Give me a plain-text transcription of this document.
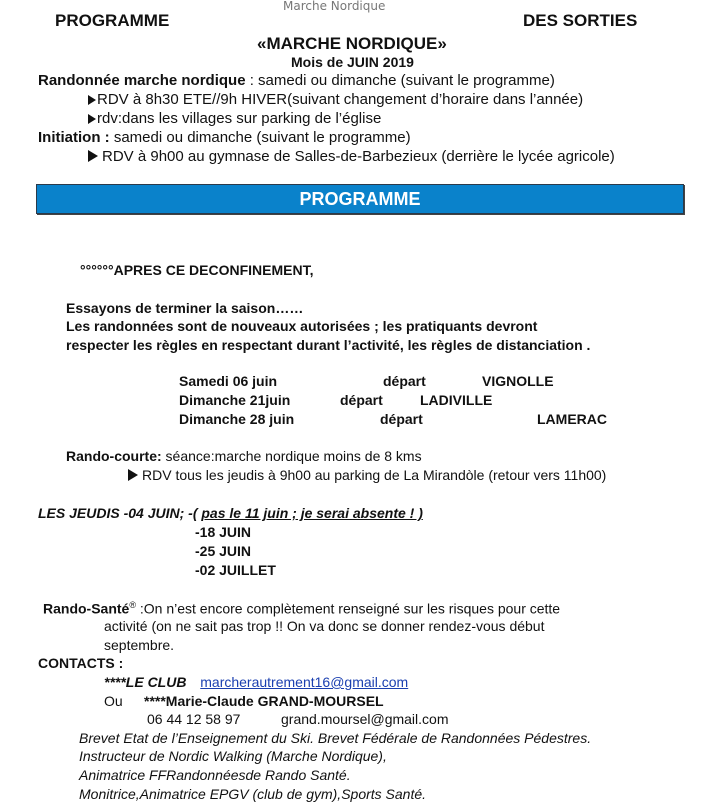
Marche Nordique
PROGRAMME	DES SORTIES
«MARCHE NORDIQUE»
Mois de JUIN 2019
Randonnée marche nordique : samedi ou dimanche (suivant le programme)
RDV à 8h30 ETE//9h HIVER(suivant changement d’horaire dans l’année)
rdv:dans les villages sur parking de l’église
Initiation : samedi ou dimanche (suivant le programme)
RDV à 9h00 au gymnase de Salles-de-Barbezieux (derrière le lycée agricole)
PROGRAMME
°°°°°°APRES CE DECONFINEMENT,
Essayons de terminer la saison……
Les randonnées sont de nouveaux autorisées ; les pratiquants devront
respecter les règles en respectant durant l’activité, les règles de distanciation .
Samedi 06 juin	départ	VIGNOLLE
Dimanche 21juin	départ	LADIVILLE
Dimanche 28 juin	départ	LAMERAC
Rando-courte: séance:marche nordique moins de 8 kms
RDV tous les jeudis à 9h00 au parking de La Mirandòle (retour vers 11h00)
LES JEUDIS -04 JUIN; -( pas le 11 juin ; je serai absente ! )
-18 JUIN
-25 JUIN
-02 JUILLET
Rando-Santé® :On n’est encore complètement renseigné sur les risques pour cette
activité (on ne sait pas trop !! On va donc se donner rendez-vous début
septembre.
CONTACTS :
****LE CLUB marcherautrement16@gmail.com
Ou ****Marie-Claude GRAND-MOURSEL
06 44 12 58 97	grand.moursel@gmail.com
Brevet Etat de l’Enseignement du Ski. Brevet Fédérale de Randonnées Pédestres.
Instructeur de Nordic Walking (Marche Nordique),
Animatrice FFRandonnéesde Rando Santé.
Monitrice,Animatrice EPGV (club de gym),Sports Santé.
